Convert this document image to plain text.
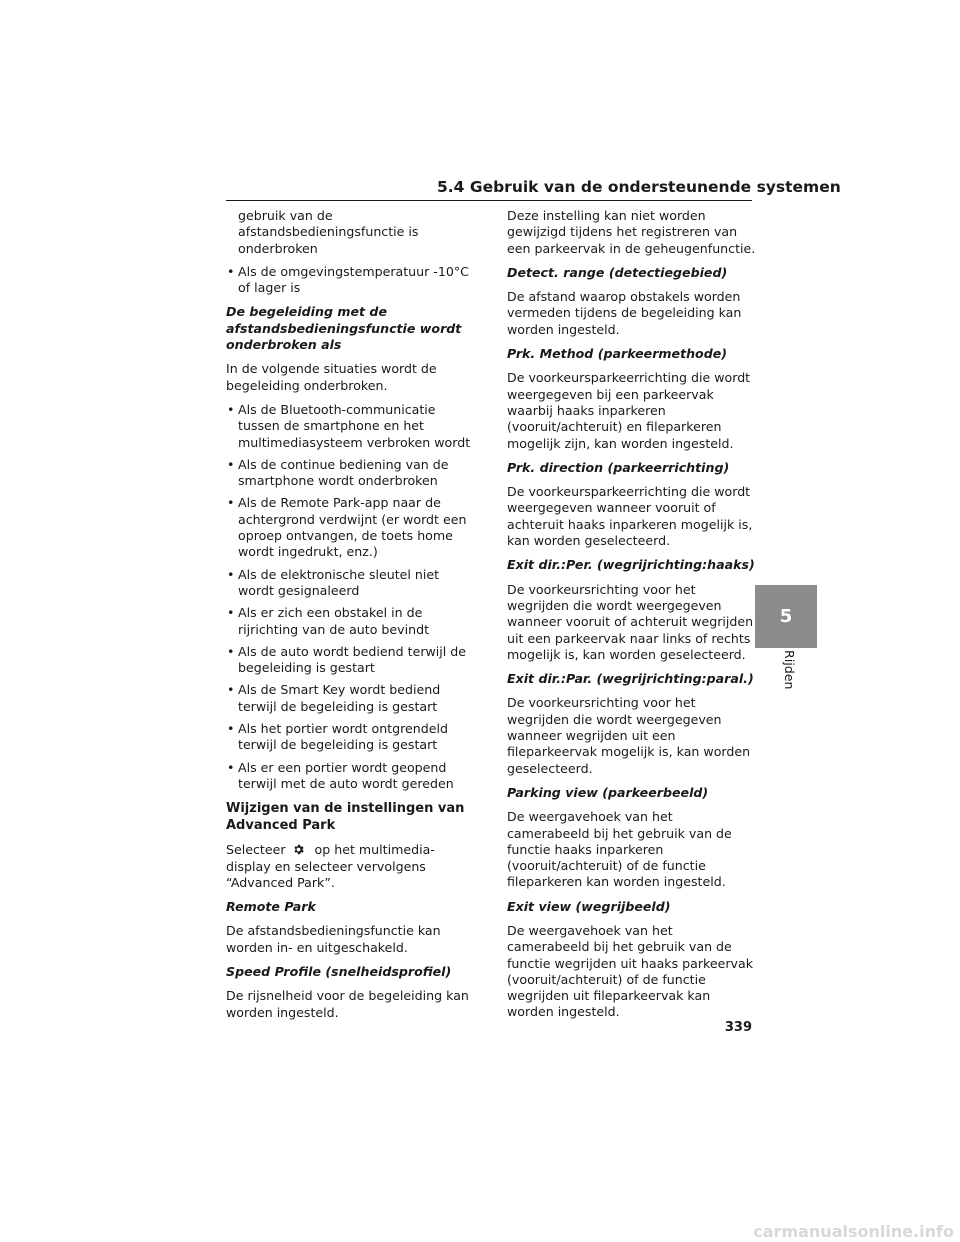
5.4 Gebruik van de ondersteunende systemen
gebruik van de afstandsbedieningsfunctie is onderbroken
• Als de omgevingstemperatuur -10°C of lager is
De begeleiding met de afstandsbedieningsfunctie wordt onderbroken als
In de volgende situaties wordt de begeleiding onderbroken.
• Als de Bluetooth-communicatie tussen de smartphone en het multimediasysteem verbroken wordt
• Als de continue bediening van de smartphone wordt onderbroken
• Als de Remote Park-app naar de achtergrond verdwijnt (er wordt een oproep ontvangen, de toets home wordt ingedrukt, enz.)
• Als de elektronische sleutel niet wordt gesignaleerd
• Als er zich een obstakel in de rijrichting van de auto bevindt
• Als de auto wordt bediend terwijl de begeleiding is gestart
• Als de Smart Key wordt bediend terwijl de begeleiding is gestart
• Als het portier wordt ontgrendeld terwijl de begeleiding is gestart
• Als er een portier wordt geopend terwijl met de auto wordt gereden
Wijzigen van de instellingen van Advanced Park
Selecteer op het multimedia-display en selecteer vervolgens “Advanced Park”.
Remote Park
De afstandsbedieningsfunctie kan worden in- en uitgeschakeld.
Speed Profile (snelheidsprofiel)
De rijsnelheid voor de begeleiding kan worden ingesteld.
Deze instelling kan niet worden gewijzigd tijdens het registreren van een parkeervak in de geheugenfunctie.
Detect. range (detectiegebied)
De afstand waarop obstakels worden vermeden tijdens de begeleiding kan worden ingesteld.
Prk. Method (parkeermethode)
De voorkeursparkeerrichting die wordt weergegeven bij een parkeervak waarbij haaks inparkeren (vooruit/achteruit) en fileparkeren mogelijk zijn, kan worden ingesteld.
Prk. direction (parkeerrichting)
De voorkeursparkeerrichting die wordt weergegeven wanneer vooruit of achteruit haaks inparkeren mogelijk is, kan worden geselecteerd.
Exit dir.:Per. (wegrijrichting:haaks)
De voorkeursrichting voor het wegrijden die wordt weergegeven wanneer vooruit of achteruit wegrijden uit een parkeervak naar links of rechts mogelijk is, kan worden geselecteerd.
Exit dir.:Par. (wegrijrichting:paral.)
De voorkeursrichting voor het wegrijden die wordt weergegeven wanneer wegrijden uit een fileparkeervak mogelijk is, kan worden geselecteerd.
Parking view (parkeerbeeld)
De weergavehoek van het camerabeeld bij het gebruik van de functie haaks inparkeren (vooruit/achteruit) of de functie fileparkeren kan worden ingesteld.
Exit view (wegrijbeeld)
De weergavehoek van het camerabeeld bij het gebruik van de functie wegrijden uit haaks parkeervak (vooruit/achteruit) of de functie wegrijden uit fileparkeervak kan worden ingesteld.
5
Rijden
339
carmanualsonline.info
